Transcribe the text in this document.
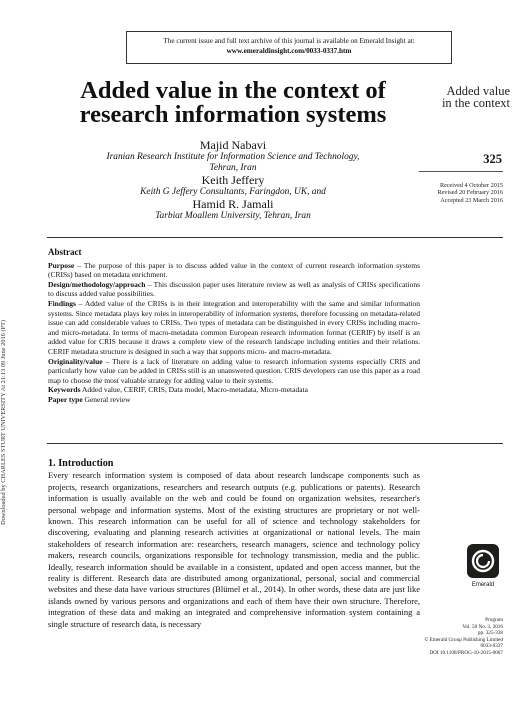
The current issue and full text archive of this journal is available on Emerald Insight at:
www.emeraldinsight.com/0033-0337.htm
Downloaded by CHARLES STURT UNIVERSITY At 21:13 09 June 2016 (PT)
Added value
in the context
325
Received 4 October 2015
Revised 20 February 2016
Accepted 23 March 2016
Added value in the context of research information systems
Majid Nabavi
Iranian Research Institute for Information Science and Technology,
Tehran, Iran
Keith Jeffery
Keith G Jeffery Consultants, Faringdon, UK, and
Hamid R. Jamali
Tarbiat Moallem University, Tehran, Iran
Abstract

Purpose – The purpose of this paper is to discuss added value in the context of current research information systems (CRISs) based on metadata enrichment.

Design/methodology/approach – This discussion paper uses literature review as well as analysis of CRISs specifications to discuss added value possibilities.

Findings – Added value of the CRISs is in their integration and interoperability with the same and similar information systems. Since metadata plays key roles in interoperability of information systems, therefore focussing on metadata-related issue can add considerable values to CRISs. Two types of metadata can be distinguished in every CRISs including macro- and micro-metadata. In terms of macro-metadata common European research information format (CERIF) by itself is an added value for CRIS because it draws a complete view of the research landscape including entities and their relations. CERIF metadata structure is designed in such a way that supports micro- and macro-metadata.

Originality/value – There is a lack of literature on adding value to research information systems especially CRIS and particularly how value can be added in CRISs still is an unanswered question. CRIS developers can use this paper as a road map to choose the most valuable strategy for adding value to their systems.

Keywords Added value, CERIF, CRIS, Data model, Macro-metadata, Micro-metadata

Paper type General review

1. Introduction

Every research information system is composed of data about research landscape components such as projects, research organizations, researchers and research outputs (e.g. publications or patents). Research information is usually available on the web and could be found on organization websites, researcher's personal webpage and information systems. Most of the existing structures are proprietary or not well-known. This research information can be useful for all of science and technology stakeholders for discovering, evaluating and planning research activities at organizational or national levels. The main stakeholders of research information are: researchers, research managers, science and technology policy makers, research councils, organizations responsible for technology transmission, media and the public. Ideally, research information should be available in a consistent, updated and open access manner, but the reality is different. Research data are distributed among organizational, personal, social and commercial websites and these data have various structures (Blümel et al., 2014). In other words, these data are just like islands owned by various persons and organizations and each of them have their own structure. Therefore, integration of these data and making an integrated and comprehensive information system containing a single structure of research data, is necessary

Emerald
Program
Vol. 50 No. 3, 2016
pp. 325-338
© Emerald Group Publishing Limited
0033-0337
DOI 10.1108/PROG-10-2015-0067
